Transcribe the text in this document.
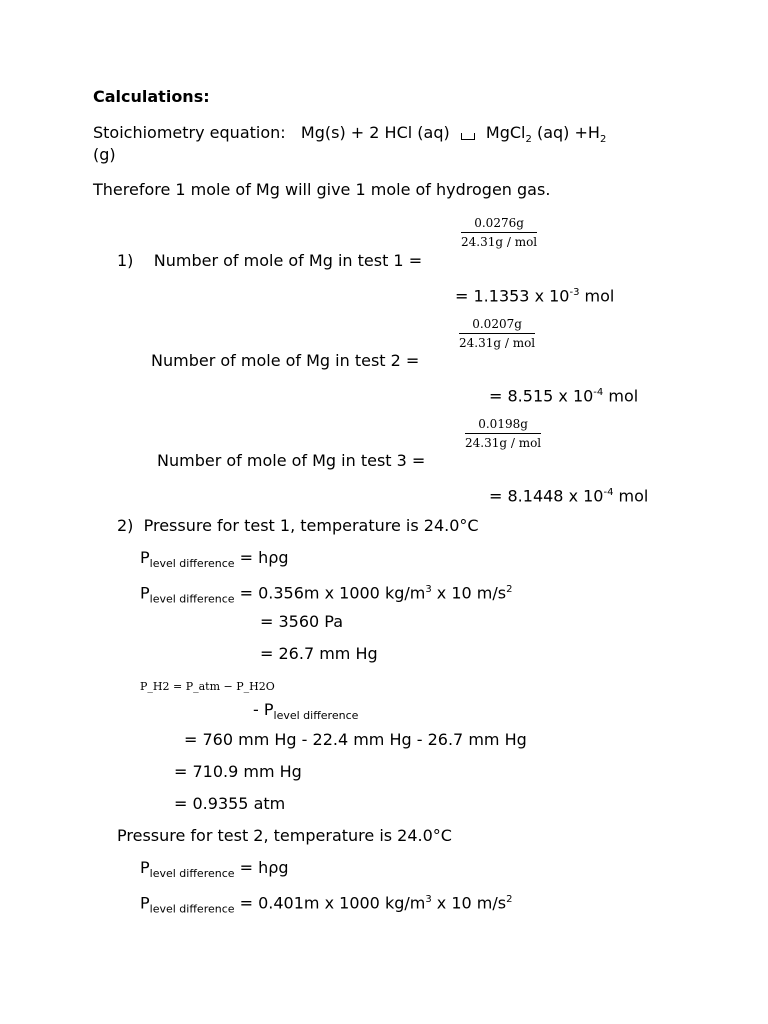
Calculations:
Stoichiometry equation: Mg(s) + 2 HCl (aq) MgCl$_2$ $(aq) +H_2$
(g)
Therefore 1 mole of Mg will give 1 mole of hydrogen gas.
0.0276g
24.31g / mol
1) Number of mole of Mg in test 1 =
= 1.1353 x $10^{-3}$ mol
0.0207g
24.31g / mol
Number of mole of Mg in test 2 =
= 8.515 x $10^{-4}$ mol
0.0198g
24.31g / mol
Number of mole of Mg in test 3 =
= 8.1448 x $10^{-4}$ mol
2) Pressure for test 1, temperature is 24.0°C
$P_{level difference} = h\rho g$
$P_{level difference} = 0.356m$ x 1000 $kg/m^3$ x 10 $m/s^2$
= 3560 Pa
= 26.7 mm Hg
P_H2 = P_atm − P_H2O
- $P_{level difference}$
= 760 mm Hg - 22.4 mm Hg - 26.7 mm Hg
= 710.9 mm Hg
= 0.9355 atm
Pressure for test 2, temperature is 24.0°C
$P_{level difference} = h\rho g$
$P_{level difference} = 0.401m$ x 1000 $kg/m^3$ x 10 $m/s^2$
